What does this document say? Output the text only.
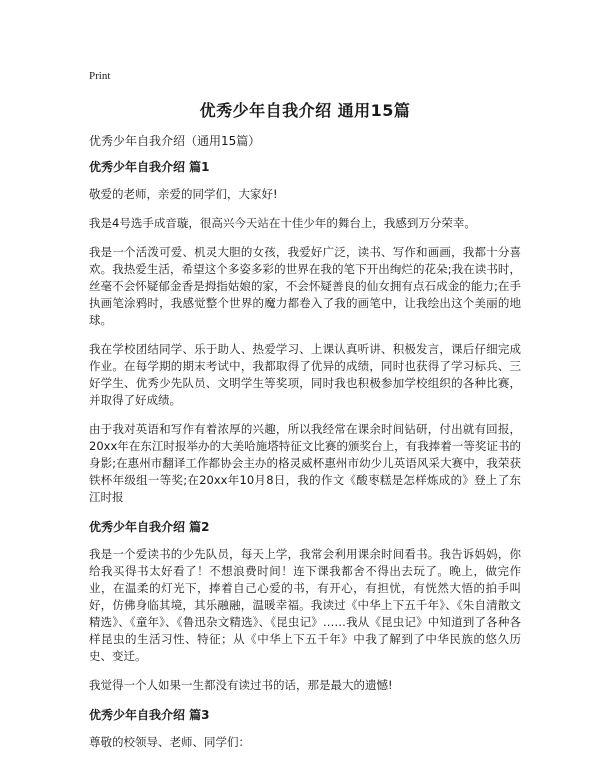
Print
优秀少年自我介绍 通用15篇
优秀少年自我介绍（通用15篇）
优秀少年自我介绍 篇1

敬爱的老师，亲爱的同学们，大家好!

我是4号选手成音璇，很高兴今天站在十佳少年的舞台上，我感到万分荣幸。

我是一个活泼可爱、机灵大胆的女孩，我爱好广泛，读书、写作和画画，我都十分喜欢。我热爱生活，希望这个多姿多彩的世界在我的笔下开出绚烂的花朵;我在读书时，丝毫不会怀疑郁金香是拇指姑娘的家，不会怀疑善良的仙女拥有点石成金的能力;在手执画笔涂鸦时，我感觉整个世界的魔力都卷入了我的画笔中，让我绘出这个美丽的地球。

我在学校团结同学、乐于助人、热爱学习、上课认真听讲、积极发言，课后仔细完成作业。在每学期的期末考试中，我都取得了优异的成绩，同时也获得了学习标兵、三好学生、优秀少先队员、文明学生等奖项，同时我也积极参加学校组织的各种比赛，并取得了好成绩。

由于我对英语和写作有着浓厚的兴趣，所以我经常在课余时间钻研，付出就有回报，20xx年在东江时报举办的大美哈施塔特征文比赛的颁奖台上，有我捧着一等奖证书的身影;在惠州市翻译工作都协会主办的格灵威杯惠州市幼少儿英语风采大赛中，我荣获铁杯年级组一等奖;在20xx年10月8日，我的作文《酸枣糕是怎样炼成的》登上了东江时报

优秀少年自我介绍 篇2

我是一个爱读书的少先队员，每天上学，我常会利用课余时间看书。我告诉妈妈，你给我买得书太好看了！不想浪费时间！连下课我都舍不得出去玩了。晚上，做完作业，在温柔的灯光下，捧着自己心爱的书，有开心，有担忧，有恍然大悟的拍手叫好，仿佛身临其境，其乐融融，温暖幸福。我读过《中华上下五千年》、《朱自清散文精选》、《童年》、《鲁迅杂文精选》、《昆虫记》……我从《昆虫记》中知道到了各种各样昆虫的生活习性、特征；从《中华上下五千年》中我了解到了中华民族的悠久历史、变迁。

我觉得一个人如果一生都没有读过书的话，那是最大的遗憾!

优秀少年自我介绍 篇3

尊敬的校领导、老师、同学们：
